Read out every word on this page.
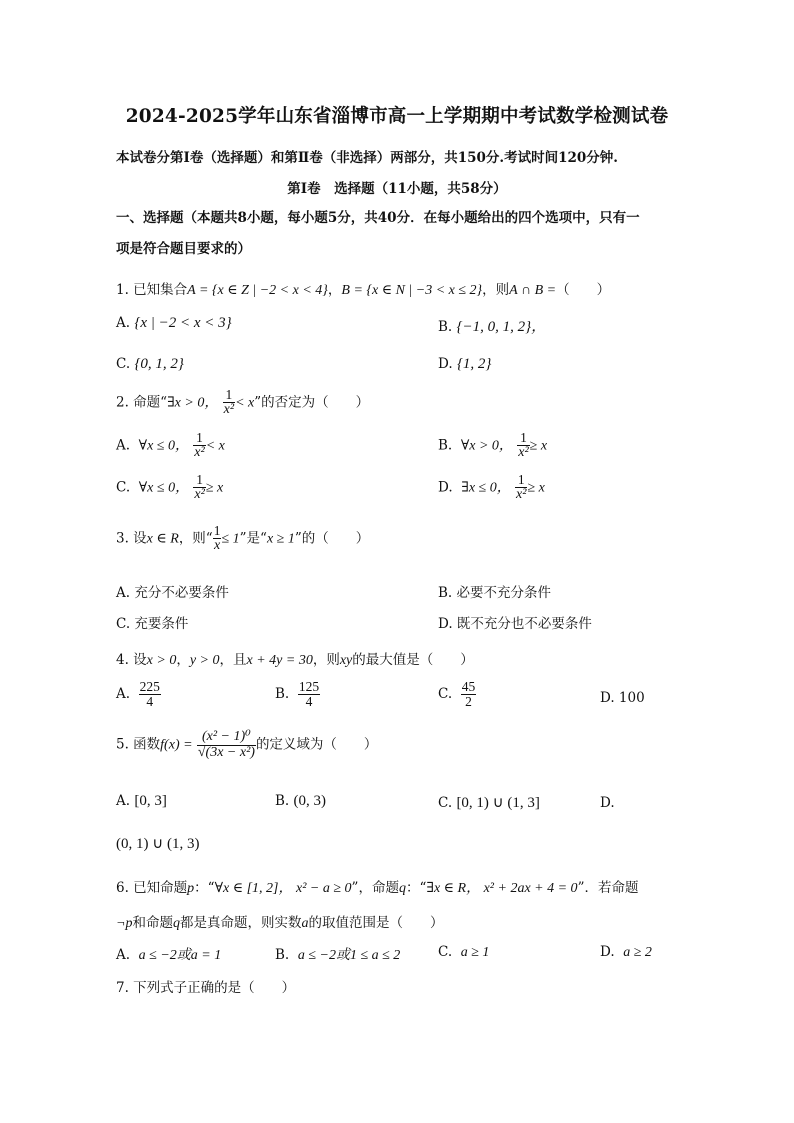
2024-2025学年山东省淄博市高一上学期期中考试数学检测试卷
本试卷分第Ⅰ卷（选择题）和第Ⅱ卷（非选择）两部分，共150分.考试时间120分钟.
第Ⅰ卷　选择题（11小题，共58分）
一、选择题（本题共8小题，每小题5分，共40分．在每小题给出的四个选项中，只有一
项是符合题目要求的）
1. 已知集合A = {x ∈ Z | −2 < x < 4}，B = {x ∈ N | −3 < x ≤ 2}，则A ∩ B =（　　）
A. {x | −2 < x < 3}	B. {−1, 0, 1, 2}，
C. {0, 1, 2}	D. {1, 2}
2. 命题“∃x > 0， $\frac{1}{\text{x²}} < x$”的否定为（　　）
A. ∀x ≤ 0， $\frac{1}{\text{x²}} < x$	B. ∀x > 0， $\frac{1}{\text{x²}} \ge x$
C. ∀x ≤ 0， $\frac{1}{\text{x²}} \ge x$	D. ∃x ≤ 0， $\frac{1}{\text{x²}} \ge x$
3. 设x ∈ R，则“ $\frac{1}{x} \le 1$”是“x ≥ 1”的（　　）
A. 充分不必要条件	B. 必要不充分条件
C. 充要条件	D. 既不充分也不必要条件
4. 设x > 0，y > 0，且x + 4y = 30，则xy的最大值是（　　）
A. $\frac{225}{4}$	B. $\frac{125}{4}$	C. $\frac{45}{2}$	D. 100
5. 函数$f(x) = \frac{\text{(x² − 1)⁰}}{\text{√(3x − x²)}}$ 的定义域为（　　）
A. [0, 3]	B. (0, 3)	C. [0, 1) ∪ (1, 3]	D.
(0, 1) ∪ (1, 3)
6. 已知命题p：“∀x ∈ [1, 2]， x² − a ≥ 0”，命题q：“∃x ∈ R， x² + 2ax + 4 = 0”．若命题
¬p和命题q都是真命题，则实数a的取值范围是（　　）
A. a ≤ −2或a = 1	B. a ≤ −2或1 ≤ a ≤ 2	C. a ≥ 1	D. a ≥ 2
7. 下列式子正确的是（　　）
